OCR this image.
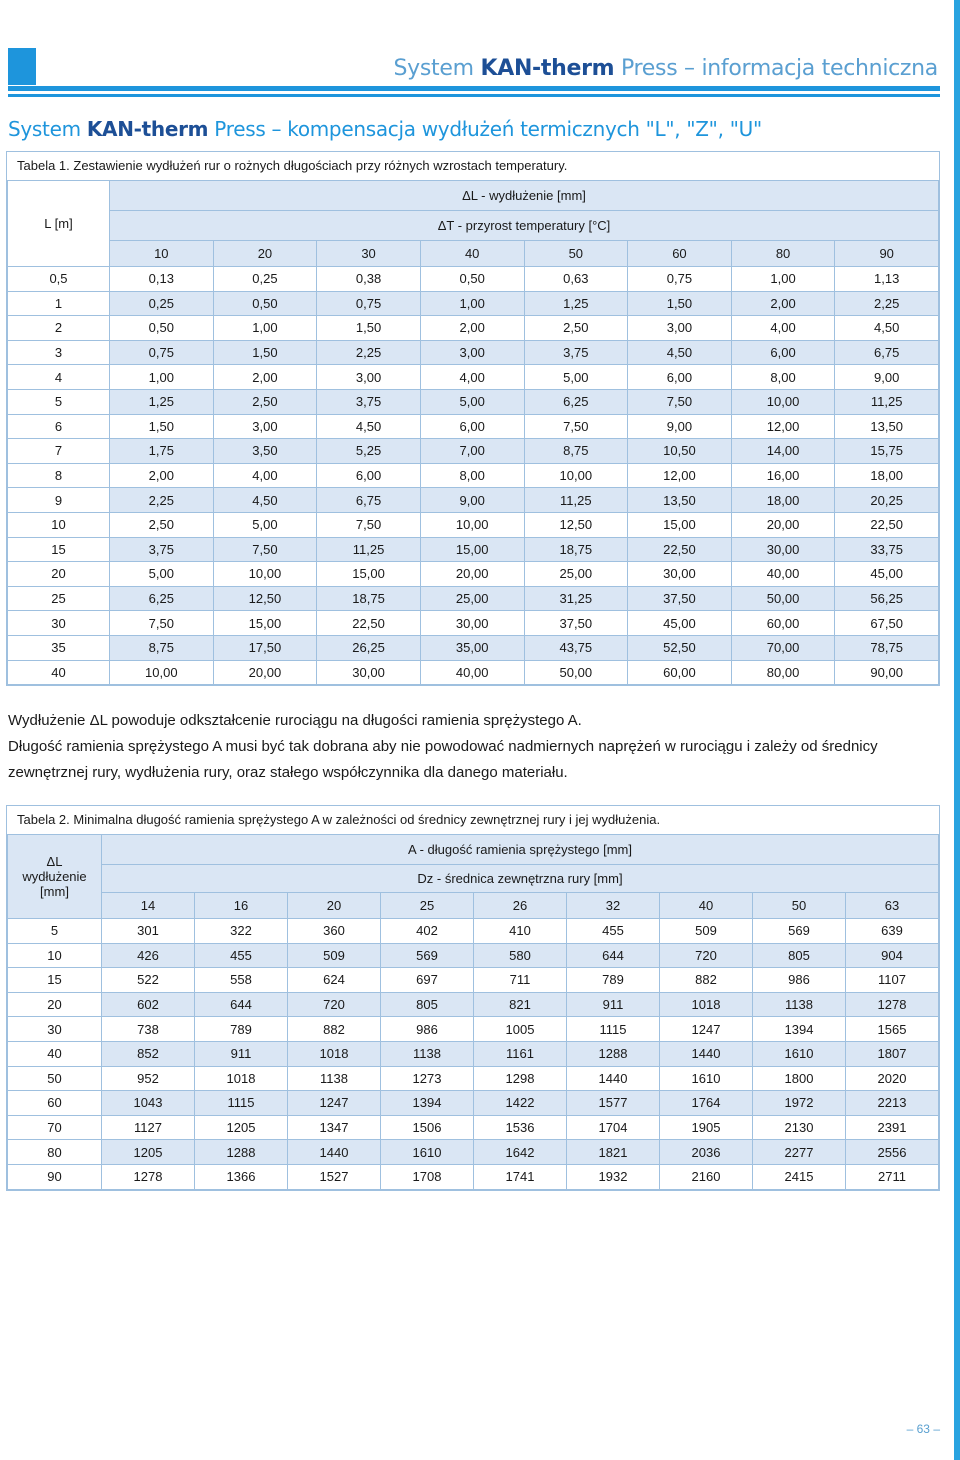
System KAN-therm Press – informacja techniczna
System KAN-therm Press – kompensacja wydłużeń termicznych "L", "Z", "U"
Tabela 1. Zestawienie wydłużeń rur o rożnych długościach przy różnych wzrostach temperatury.
L [m]	ΔL - wydłużenie [mm]							
	ΔT - przyrost temperatury [°C]							
	10	20	30	40	50	60	80	90
0,5	0,13	0,25	0,38	0,50	0,63	0,75	1,00	1,13
1	0,25	0,50	0,75	1,00	1,25	1,50	2,00	2,25
2	0,50	1,00	1,50	2,00	2,50	3,00	4,00	4,50
3	0,75	1,50	2,25	3,00	3,75	4,50	6,00	6,75
4	1,00	2,00	3,00	4,00	5,00	6,00	8,00	9,00
5	1,25	2,50	3,75	5,00	6,25	7,50	10,00	11,25
6	1,50	3,00	4,50	6,00	7,50	9,00	12,00	13,50
7	1,75	3,50	5,25	7,00	8,75	10,50	14,00	15,75
8	2,00	4,00	6,00	8,00	10,00	12,00	16,00	18,00
9	2,25	4,50	6,75	9,00	11,25	13,50	18,00	20,25
10	2,50	5,00	7,50	10,00	12,50	15,00	20,00	22,50
15	3,75	7,50	11,25	15,00	18,75	22,50	30,00	33,75
20	5,00	10,00	15,00	20,00	25,00	30,00	40,00	45,00
25	6,25	12,50	18,75	25,00	31,25	37,50	50,00	56,25
30	7,50	15,00	22,50	30,00	37,50	45,00	60,00	67,50
35	8,75	17,50	26,25	35,00	43,75	52,50	70,00	78,75
40	10,00	20,00	30,00	40,00	50,00	60,00	80,00	90,00
Wydłużenie ΔL powoduje odkształcenie rurociągu na długości ramienia sprężystego A.
Długość ramienia sprężystego A musi być tak dobrana aby nie powodować nadmiernych naprężeń w rurociągu i zależy od średnicy zewnętrznej rury, wydłużenia rury, oraz stałego współczynnika dla danego materiału.
Tabela 2. Minimalna długość ramienia sprężystego A w zależności od średnicy zewnętrznej rury i jej wydłużenia.
ΔL
wydłużenie
[mm]	A - długość ramienia sprężystego [mm]								
	Dz - średnica zewnętrzna rury [mm]								
	14	16	20	25	26	32	40	50	63
5	301	322	360	402	410	455	509	569	639
10	426	455	509	569	580	644	720	805	904
15	522	558	624	697	711	789	882	986	1107
20	602	644	720	805	821	911	1018	1138	1278
30	738	789	882	986	1005	1115	1247	1394	1565
40	852	911	1018	1138	1161	1288	1440	1610	1807
50	952	1018	1138	1273	1298	1440	1610	1800	2020
60	1043	1115	1247	1394	1422	1577	1764	1972	2213
70	1127	1205	1347	1506	1536	1704	1905	2130	2391
80	1205	1288	1440	1610	1642	1821	2036	2277	2556
90	1278	1366	1527	1708	1741	1932	2160	2415	2711
– 63 –
